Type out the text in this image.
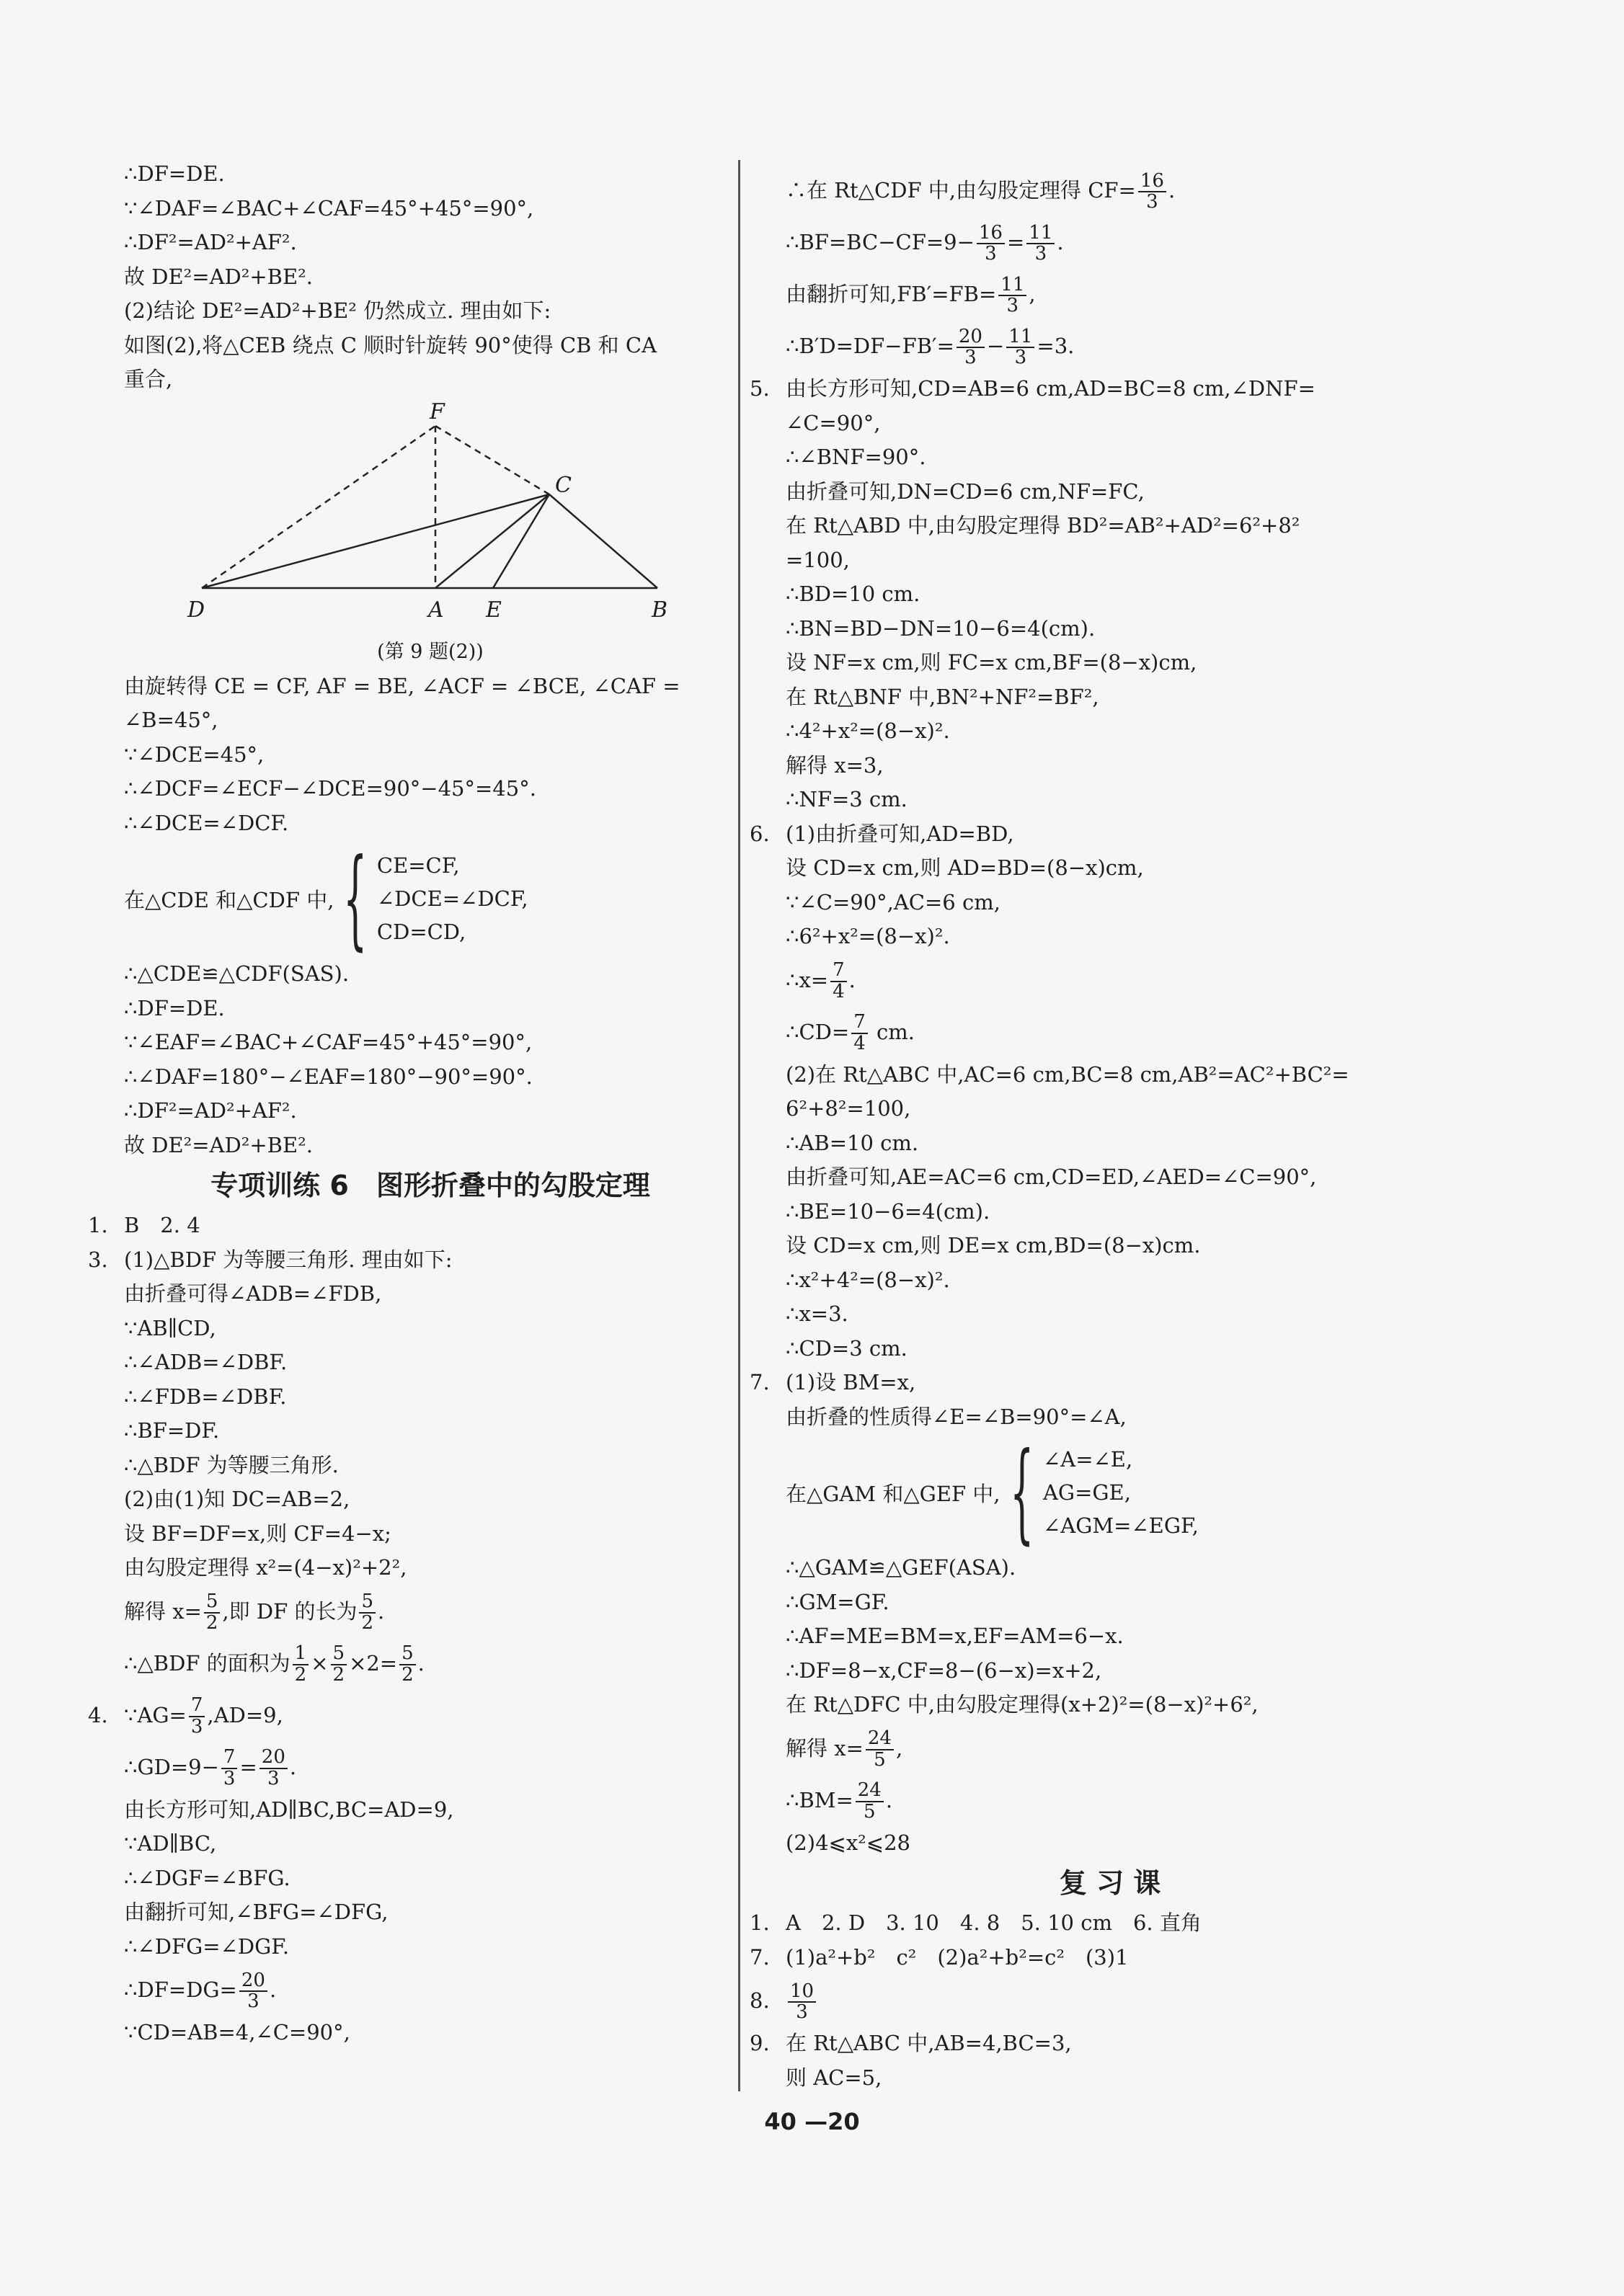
∴DF=DE.
∵∠DAF=∠BAC+∠CAF=45°+45°=90°,
∴DF²=AD²+AF².
故 DE²=AD²+BE².
(2)结论 DE²=AD²+BE² 仍然成立. 理由如下:
如图(2),将△CEB 绕点 C 顺时针旋转 90°使得 CB 和 CA
重合,
F
C
D	A E	B
(第 9 题(2))
由旋转得 CE = CF, AF = BE, ∠ACF = ∠BCE, ∠CAF =
∠B=45°,
∵∠DCE=45°,
∴∠DCF=∠ECF−∠DCE=90°−45°=45°.
∴∠DCE=∠DCF.
在△CDE 和△CDF 中, { CE=CF,
∠DCE=∠DCF,
CD=CD,
∴△CDE≌△CDF(SAS).
∴DF=DE.
∵∠EAF=∠BAC+∠CAF=45°+45°=90°,
∴∠DAF=180°−∠EAF=180°−90°=90°.
∴DF²=AD²+AF².
故 DE²=AD²+BE².
专项训练 6　图形折叠中的勾股定理
1. B　2. 4
3. (1)△BDF 为等腰三角形. 理由如下:
由折叠可得∠ADB=∠FDB,
∵AB∥CD,
∴∠ADB=∠DBF.
∴∠FDB=∠DBF.
∴BF=DF.
∴△BDF 为等腰三角形.
(2)由(1)知 DC=AB=2,
设 BF=DF=x,则 CF=4−x;
由勾股定理得 x²=(4−x)²+2²,
解得 $x= \frac{5}{2}$ ,即 DF 的长为 $\frac{5}{2}$ .
∴△BDF 的面积为 $\frac{1}{2} \times \frac{5}{2} \times 2= \frac{5}{2}$ .
4. ∵AG= $\frac{7}{3} ,AD=9$,
∴GD=9− $\frac{7}{3} = \frac{20}{3}$ .
由长方形可知,AD∥BC,BC=AD=9,
∵AD∥BC,
∴∠DGF=∠BFG.
由翻折可知,∠BFG=∠DFG,
∴∠DFG=∠DGF.
∴DF=DG= $\frac{20}{3}$ .
∵CD=AB=4,∠C=90°,
∴在 Rt△CDF 中,由勾股定理得 $CF= \frac{16}{3}$ .
∴BF=BC−CF=9− $\frac{16}{3} = \frac{11}{3}$ .
由翻折可知$,FB'=FB= \frac{11}{3}$ ,
∴B′D=DF−FB′= $\frac{20}{3} - \frac{11}{3} =3$.
5. 由长方形可知,CD=AB=6 cm,AD=BC=8 cm,∠DNF=
∠C=90°,
∴∠BNF=90°.
由折叠可知,DN=CD=6 cm,NF=FC,
在 Rt△ABD 中,由勾股定理得 BD²=AB²+AD²=6²+8²
=100,
∴BD=10 cm.
∴BN=BD−DN=10−6=4(cm).
设 NF=x cm,则 FC=x cm,BF=(8−x)cm,
在 Rt△BNF 中,BN²+NF²=BF²,
∴4²+x²=(8−x)².
解得 x=3,
∴NF=3 cm.
6. (1)由折叠可知,AD=BD,
设 CD=x cm,则 AD=BD=(8−x)cm,
∵∠C=90°,AC=6 cm,
∴6²+x²=(8−x)².
∴x= $\frac{7}{4}$ .
∴CD= $\frac{7}{4}$ cm.
(2)在 Rt△ABC 中,AC=6 cm,BC=8 cm,AB²=AC²+BC²=
6²+8²=100,
∴AB=10 cm.
由折叠可知,AE=AC=6 cm,CD=ED,∠AED=∠C=90°,
∴BE=10−6=4(cm).
设 CD=x cm,则 DE=x cm,BD=(8−x)cm.
∴x²+4²=(8−x)².
∴x=3.
∴CD=3 cm.
7. (1)设 BM=x,
由折叠的性质得∠E=∠B=90°=∠A,
在△GAM 和△GEF 中, { ∠A=∠E,
AG=GE,
∠AGM=∠EGF,
∴△GAM≌△GEF(ASA).
∴GM=GF.
∴AF=ME=BM=x,EF=AM=6−x.
∴DF=8−x,CF=8−(6−x)=x+2,
在 Rt△DFC 中,由勾股定理得(x+2)²=(8−x)²+6²,
解得 $x= \frac{24}{5}$ ,
∴BM= $\frac{24}{5}$ .
(2)4⩽x²⩽28
复 习 课
1. A　2. D　3. 10　4. 8　5. 10 cm　6. 直角
7. (1)a²+b²　c²　(2)a²+b²=c²　(3)1
8. $\frac{10}{3}$
9. 在 Rt△ABC 中,AB=4,BC=3,
则 AC=5,
40 —20
